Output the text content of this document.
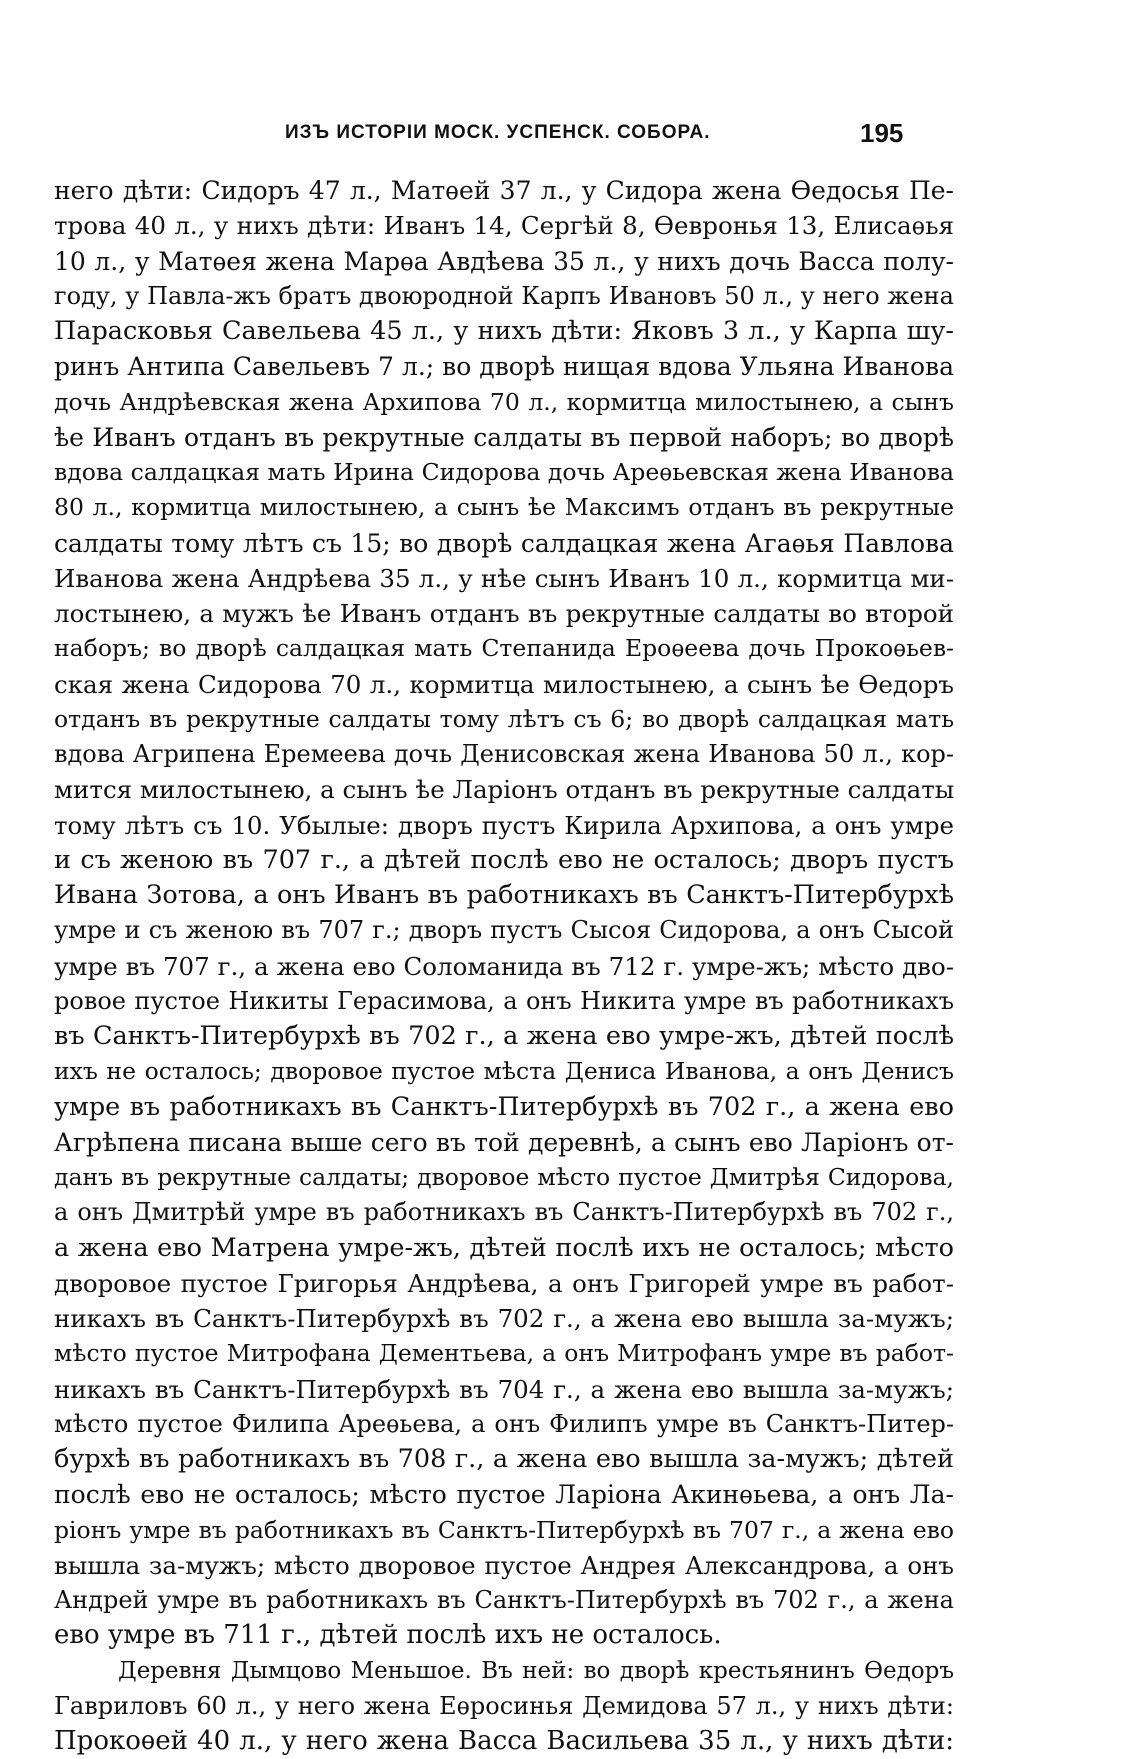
ИЗЪ ИСТОРІИ МОСК. УСПЕНСК. СОБОРА.	195
него дѣти: Сидоръ 47 л., Матѳей 37 л., у Сидора жена Ѳедосья Пе-
трова 40 л., у нихъ дѣти: Иванъ 14, Сергѣй 8, Ѳевронья 13, Елисаѳья
10 л., у Матѳея жена Марѳа Авдѣева 35 л., у нихъ дочь Васса полу-
году, у Павла-жъ братъ двоюродной Карпъ Ивановъ 50 л., у него жена
Парасковья Савельева 45 л., у нихъ дѣти: Яковъ 3 л., у Карпа шу-
ринъ Антипа Савельевъ 7 л.; во дворѣ нищая вдова Ульяна Иванова
дочь Андрѣевская жена Архипова 70 л., кормитца милостынею, а сынъ
ѣе Иванъ отданъ въ рекрутные салдаты въ первой наборъ; во дворѣ
вдова салдацкая мать Ирина Сидорова дочь Ареѳьевская жена Иванова
80 л., кормитца милостынею, а сынъ ѣе Максимъ отданъ въ рекрутные
салдаты тому лѣтъ съ 15; во дворѣ салдацкая жена Агаѳья Павлова
Иванова жена Андрѣева 35 л., у нѣе сынъ Иванъ 10 л., кормитца ми-
лостынею, а мужъ ѣе Иванъ отданъ въ рекрутные салдаты во второй
наборъ; во дворѣ салдацкая мать Степанида Ероѳеева дочь Прокоѳьев-
ская жена Сидорова 70 л., кормитца милостынею, а сынъ ѣе Ѳедоръ
отданъ въ рекрутные салдаты тому лѣтъ съ 6; во дворѣ салдацкая мать
вдова Агрипена Еремеева дочь Денисовская жена Иванова 50 л., кор-
мится милостынею, а сынъ ѣе Ларіонъ отданъ въ рекрутные салдаты
тому лѣтъ съ 10. Убылые: дворъ пустъ Кирила Архипова, а онъ умре
и съ женою въ 707 г., а дѣтей послѣ ево не осталось; дворъ пустъ
Ивана Зотова, а онъ Иванъ въ работникахъ въ Санктъ-Питербурхѣ
умре и съ женою въ 707 г.; дворъ пустъ Сысоя Сидорова, а онъ Сысой
умре въ 707 г., а жена ево Соломанида въ 712 г. умре-жъ; мѣсто дво-
ровое пустое Никиты Герасимова, а онъ Никита умре въ работникахъ
въ Санктъ-Питербурхѣ въ 702 г., а жена ево умре-жъ, дѣтей послѣ
ихъ не осталось; дворовое пустое мѣста Дениса Иванова, а онъ Денисъ
умре въ работникахъ въ Санктъ-Питербурхѣ въ 702 г., а жена ево
Агрѣпена писана выше сего въ той деревнѣ, а сынъ ево Ларіонъ от-
данъ въ рекрутные салдаты; дворовое мѣсто пустое Дмитрѣя Сидорова,
а онъ Дмитрѣй умре въ работникахъ въ Санктъ-Питербурхѣ въ 702 г.,
а жена ево Матрена умре-жъ, дѣтей послѣ ихъ не осталось; мѣсто
дворовое пустое Григорья Андрѣева, а онъ Григорей умре въ работ-
никахъ въ Санктъ-Питербурхѣ въ 702 г., а жена ево вышла за-мужъ;
мѣсто пустое Митрофана Дементьева, а онъ Митрофанъ умре въ работ-
никахъ въ Санктъ-Питербурхѣ въ 704 г., а жена ево вышла за-мужъ;
мѣсто пустое Филипа Ареѳьева, а онъ Филипъ умре въ Санктъ-Питер-
бурхѣ въ работникахъ въ 708 г., а жена ево вышла за-мужъ; дѣтей
послѣ ево не осталось; мѣсто пустое Ларіона Акинѳьева, а онъ Ла-
ріонъ умре въ работникахъ въ Санктъ-Питербурхѣ въ 707 г., а жена ево
вышла за-мужъ; мѣсто дворовое пустое Андрея Александрова, а онъ
Андрей умре въ работникахъ въ Санктъ-Питербурхѣ въ 702 г., а жена
ево умре въ 711 г., дѣтей послѣ ихъ не осталось.
Деревня Дымцово Меньшое. Въ ней: во дворѣ крестьянинъ Ѳедоръ
Гавриловъ 60 л., у него жена Еѳросинья Демидова 57 л., у нихъ дѣти:
Прокоѳей 40 л., у него жена Васса Васильева 35 л., у нихъ дѣти:
